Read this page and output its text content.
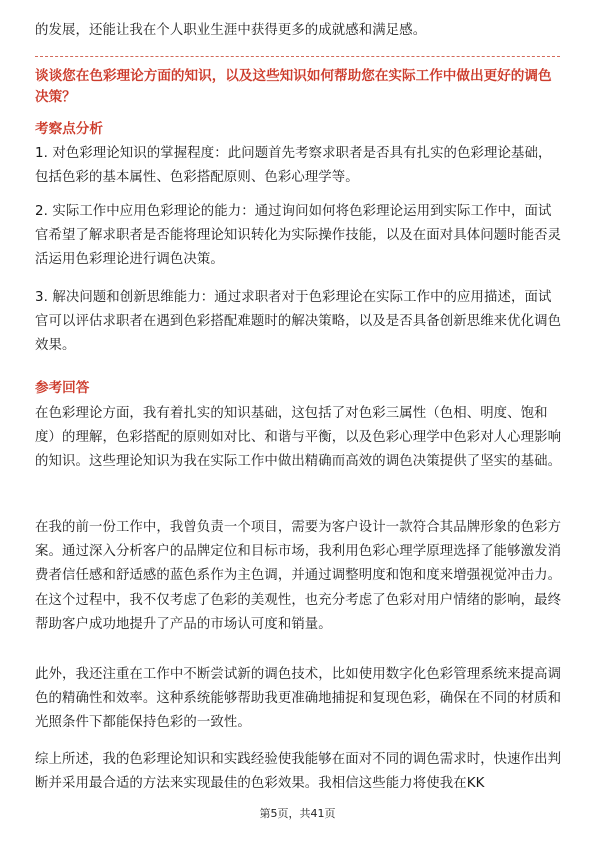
的发展，还能让我在个人职业生涯中获得更多的成就感和满足感。

谈谈您在色彩理论方面的知识，以及这些知识如何帮助您在实际工作中做出更好的调色决策？

考察点分析

1. 对色彩理论知识的掌握程度：此问题首先考察求职者是否具有扎实的色彩理论基础，包括色彩的基本属性、色彩搭配原则、色彩心理学等。

2. 实际工作中应用色彩理论的能力：通过询问如何将色彩理论运用到实际工作中，面试官希望了解求职者是否能将理论知识转化为实际操作技能，以及在面对具体问题时能否灵活运用色彩理论进行调色决策。

3. 解决问题和创新思维能力：通过求职者对于色彩理论在实际工作中的应用描述，面试官可以评估求职者在遇到色彩搭配难题时的解决策略，以及是否具备创新思维来优化调色效果。

参考回答

在色彩理论方面，我有着扎实的知识基础，这包括了对色彩三属性（色相、明度、饱和度）的理解，色彩搭配的原则如对比、和谐与平衡，以及色彩心理学中色彩对人心理影响的知识。这些理论知识为我在实际工作中做出精确而高效的调色决策提供了坚实的基础。

在我的前一份工作中，我曾负责一个项目，需要为客户设计一款符合其品牌形象的色彩方案。通过深入分析客户的品牌定位和目标市场，我利用色彩心理学原理选择了能够激发消费者信任感和舒适感的蓝色系作为主色调，并通过调整明度和饱和度来增强视觉冲击力。在这个过程中，我不仅考虑了色彩的美观性，也充分考虑了色彩对用户情绪的影响，最终帮助客户成功地提升了产品的市场认可度和销量。

此外，我还注重在工作中不断尝试新的调色技术，比如使用数字化色彩管理系统来提高调色的精确性和效率。这种系统能够帮助我更准确地捕捉和复现色彩，确保在不同的材质和光照条件下都能保持色彩的一致性。

综上所述，我的色彩理论知识和实践经验使我能够在面对不同的调色需求时，快速作出判断并采用最合适的方法来实现最佳的色彩效果。我相信这些能力将使我在KK

第5页，共41页
